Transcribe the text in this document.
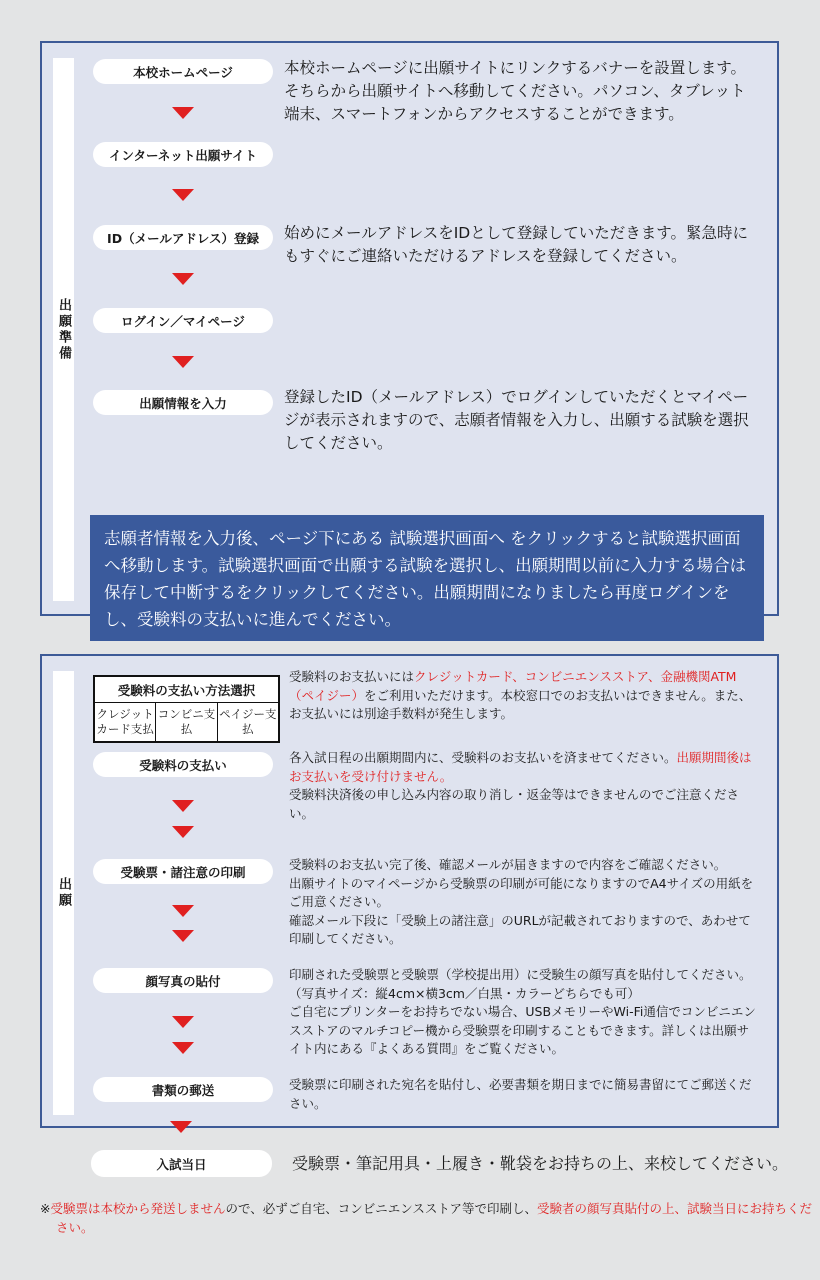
出願準備
本校ホームページ
インターネット出願サイト
ID（メールアドレス）登録
ログイン／マイページ
出願情報を入力
本校ホームページに出願サイトにリンクするバナーを設置します。そちらから出願サイトへ移動してください。パソコン、タブレット端末、スマートフォンからアクセスすることができます。
始めにメールアドレスをIDとして登録していただきます。緊急時にもすぐにご連絡いただけるアドレスを登録してください。
登録したID（メールアドレス）でログインしていただくとマイページが表示されますので、志願者情報を入力し、出願する試験を選択してください。
志願者情報を入力後、ページ下にある 試験選択画面へ をクリックすると試験選択画面へ移動します。試験選択画面で出願する試験を選択し、出願期間以前に入力する場合は保存して中断するをクリックしてください。出願期間になりましたら再度ログインをし、受験料の支払いに進んでください。
出願
受験料の支払い方法選択
クレジットカード支払
コンビニ支払
ペイジー支払
受験料のお支払いにはクレジットカード、コンビニエンスストア、金融機関ATM（ペイジー）をご利用いただけます。本校窓口でのお支払いはできません。また、お支払いには別途手数料が発生します。
受験料の支払い	各入試日程の出願期間内に、受験料のお支払いを済ませてください。出願期間後はお支払いを受け付けません。
受験料決済後の申し込み内容の取り消し・返金等はできませんのでご注意ください。
受験票・諸注意の印刷	受験料のお支払い完了後、確認メールが届きますので内容をご確認ください。
出願サイトのマイページから受験票の印刷が可能になりますのでA4サイズの用紙をご用意ください。
確認メール下段に「受験上の諸注意」のURLが記載されておりますので、あわせて印刷してください。
顔写真の貼付	印刷された受験票と受験票（学校提出用）に受験生の顔写真を貼付してください。（写真サイズ：縦4cm×横3cm／白黒・カラーどちらでも可）
ご自宅にプリンターをお持ちでない場合、USBメモリーやWi-Fi通信でコンビニエンスストアのマルチコピー機から受験票を印刷することもできます。詳しくは出願サイト内にある『よくある質問』をご覧ください。
書類の郵送	受験票に印刷された宛名を貼付し、必要書類を期日までに簡易書留にてご郵送ください。
入試当日	受験票・筆記用具・上履き・靴袋をお持ちの上、来校してください。
※受験票は本校から発送しませんので、必ずご自宅、コンビニエンスストア等で印刷し、受験者の顔写真貼付の上、試験当日にお持ちください。
